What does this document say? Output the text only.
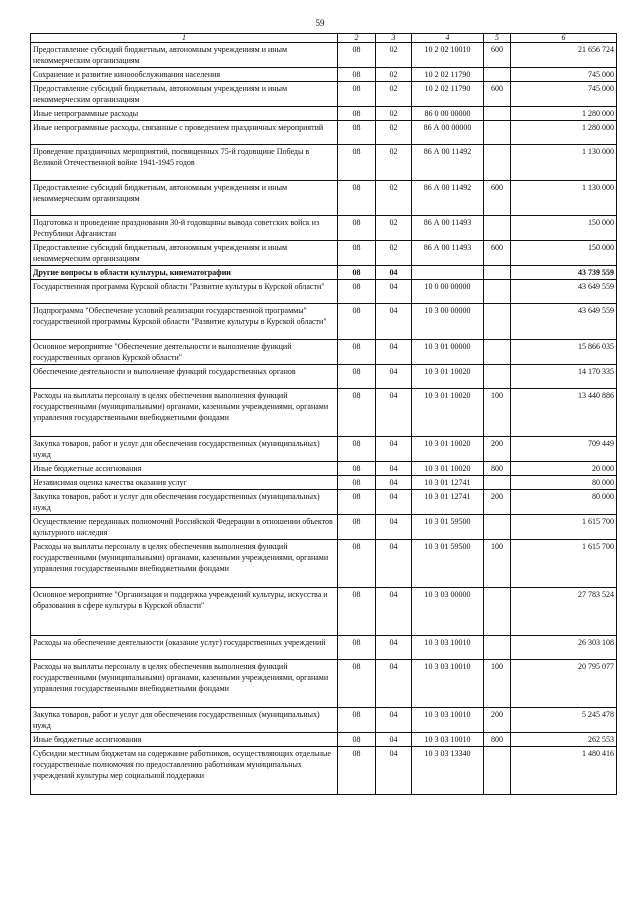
59
1	2	3	4	5	6
Предоставление субсидий бюджетным, автономным учреждениям и иным некоммерческим организациям	08	02	10 2 02 10010	600	21 656 724
Сохранение и развитие киноообслуживания населения	08	02	10 2 02 11790		745 000
Предоставление субсидий бюджетным, автономным учреждениям и иным некоммерческим организациям	08	02	10 2 02 11790	600	745 000
Иные непрограммные расходы	08	02	86 0 00 00000		1 280 000
Иные непрограммные расходы, связанные с проведением праздничных мероприятий	08	02	86 А 00 00000		1 280 000
Проведение праздничных мероприятий, посвященных 75-й годовщине Победы в Великой Отечественной войне 1941-1945 годов	08	02	86 А 00 11492		1 130 000
Предоставление субсидий бюджетным, автономным учреждениям и иным некоммерческим организациям	08	02	86 А 00 11492	600	1 130 000
Подготовка и проведение празднования 30-й годовщины вывода советских войск из Республики Афганистан	08	02	86 А 00 11493		150 000
Предоставление субсидий бюджетным, автономным учреждениям и иным некоммерческим организациям	08	02	86 А 00 11493	600	150 000
Другие вопросы в области культуры, кинематографии	08	04			43 739 559
Государственная программа Курской области "Развитие культуры в Курской области"	08	04	10 0 00 00000		43 649 559
Подпрограмма "Обеспечение условий реализации государственной программы" государственной программы Курской области "Развитие культуры в Курской области"	08	04	10 3 00 00000		43 649 559
Основное мероприятие "Обеспечение деятельности и выполнение функций государственных органов Курской области"	08	04	10 3 01 00000		15 866 035
Обеспечение деятельности и выполнение функций государственных органов	08	04	10 3 01 10020		14 170 335
Расходы на выплаты персоналу в целях обеспечения выполнения функций государственными (муниципальными) органами, казенными учреждениями, органами управления государственными внебюджетными фондами	08	04	10 3 01 10020	100	13 440 886
Закупка товаров, работ и услуг для обеспечения государственных (муниципальных) нужд	08	04	10 3 01 10020	200	709 449
Иные бюджетные ассигнования	08	04	10 3 01 10020	800	20 000
Независимая оценка качества оказания услуг	08	04	10 3 01 12741		80 000
Закупка товаров, работ и услуг для обеспечения государственных (муниципальных) нужд	08	04	10 3 01 12741	200	80 000
Осуществление переданных полномочий Российской Федерации в отношении объектов культурного наследия	08	04	10 3 01 59500		1 615 700
Расходы на выплаты персоналу в целях обеспечения выполнения функций государственными (муниципальными) органами, казенными учреждениями, органами управления государственными внебюджетными фондами	08	04	10 3 01 59500	100	1 615 700
Основное мероприятие "Организация и поддержка учреждений культуры, искусства и образования в сфере культуры в Курской области"	08	04	10 3 03 00000		27 783 524
Расходы на обеспечение деятельности (оказание услуг) государственных учреждений	08	04	10 3 03 10010		26 303 108
Расходы на выплаты персоналу в целях обеспечения выполнения функций государственными (муниципальными) органами, казенными учреждениями, органами управления государственными внебюджетными фондами	08	04	10 3 03 10010	100	20 795 077
Закупка товаров, работ и услуг для обеспечения государственных (муниципальных) нужд	08	04	10 3 03 10010	200	5 245 478
Иные бюджетные ассигнования	08	04	10 3 03 10010	800	262 553
Субсидии местным бюджетам на содержание работников, осуществляющих отдельные государственные полномочия по предоставлению работникам муниципальных учреждений культуры мер социальной поддержки	08	04	10 3 03 13340		1 480 416
